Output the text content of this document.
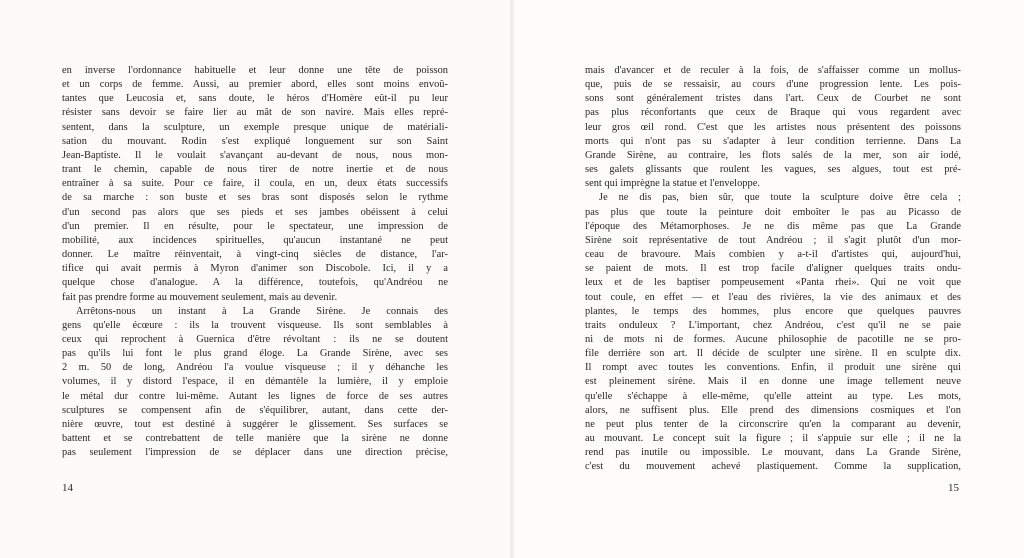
en inverse l'ordonnance habituelle et leur donne une tête de poisson
et un corps de femme. Aussi, au premier abord, elles sont moins envoû-
tantes que Leucosia et, sans doute, le héros d'Homère eût-il pu leur
résister sans devoir se faire lier au mât de son navire. Mais elles repré-
sentent, dans la sculpture, un exemple presque unique de matériali-
sation du mouvant. Rodin s'est expliqué longuement sur son Saint
Jean-Baptiste. Il le voulait s'avançant au-devant de nous, nous mon-
trant le chemin, capable de nous tirer de notre inertie et de nous
entraîner à sa suite. Pour ce faire, il coula, en un, deux états successifs
de sa marche : son buste et ses bras sont disposés selon le rythme
d'un second pas alors que ses pieds et ses jambes obéissent à celui
d'un premier. Il en résulte, pour le spectateur, une impression de
mobilité, aux incidences spirituelles, qu'aucun instantané ne peut
donner. Le maître réinventait, à vingt-cinq siècles de distance, l'ar-
tifice qui avait permis à Myron d'animer son Discobole. Ici, il y a
quelque chose d'analogue. A la différence, toutefois, qu'Andréou ne
fait pas prendre forme au mouvement seulement, mais au devenir.
Arrêtons-nous un instant à La Grande Sirène. Je connais des
gens qu'elle écœure : ils la trouvent visqueuse. Ils sont semblables à
ceux qui reprochent à Guernica d'être révoltant : ils ne se doutent
pas qu'ils lui font le plus grand éloge. La Grande Sirène, avec ses
2 m. 50 de long, Andréou l'a voulue visqueuse ; il y déhanche les
volumes, il y distord l'espace, il en démantèle la lumière, il y emploie
le métal dur contre lui-même. Autant les lignes de force de ses autres
sculptures se compensent afin de s'équilibrer, autant, dans cette der-
nière œuvre, tout est destiné à suggérer le glissement. Ses surfaces se
battent et se contrebattent de telle manière que la sirène ne donne
pas seulement l'impression de se déplacer dans une direction précise,
14
mais d'avancer et de reculer à la fois, de s'affaisser comme un mollus-
que, puis de se ressaisir, au cours d'une progression lente. Les pois-
sons sont généralement tristes dans l'art. Ceux de Courbet ne sont
pas plus réconfortants que ceux de Braque qui vous regardent avec
leur gros œil rond. C'est que les artistes nous présentent des poissons
morts qui n'ont pas su s'adapter à leur condition terrienne. Dans La
Grande Sirène, au contraire, les flots salés de la mer, son air iodé,
ses galets glissants que roulent les vagues, ses algues, tout est pré-
sent qui imprègne la statue et l'enveloppe.
Je ne dis pas, bien sûr, que toute la sculpture doive être cela ;
pas plus que toute la peinture doit emboîter le pas au Picasso de
l'époque des Métamorphoses. Je ne dis même pas que La Grande
Sirène soit représentative de tout Andréou ; il s'agit plutôt d'un mor-
ceau de bravoure. Mais combien y a-t-il d'artistes qui, aujourd'hui,
se paient de mots. Il est trop facile d'aligner quelques traits ondu-
leux et de les baptiser pompeusement «Panta rhei». Qui ne voit que
tout coule, en effet — et l'eau des rivières, la vie des animaux et des
plantes, le temps des hommes, plus encore que quelques pauvres
traits onduleux ? L'important, chez Andréou, c'est qu'il ne se paie
ni de mots ni de formes. Aucune philosophie de pacotille ne se pro-
file derrière son art. Il décide de sculpter une sirène. Il en sculpte dix.
Il rompt avec toutes les conventions. Enfin, il produit une sirène qui
est pleinement sirène. Mais il en donne une image tellement neuve
qu'elle s'échappe à elle-même, qu'elle atteint au type. Les mots,
alors, ne suffisent plus. Elle prend des dimensions cosmiques et l'on
ne peut plus tenter de la circonscrire qu'en la comparant au devenir,
au mouvant. Le concept suit la figure ; il s'appuie sur elle ; il ne la
rend pas inutile ou impossible. Le mouvant, dans La Grande Sirène,
c'est du mouvement achevé plastiquement. Comme la supplication,
15
